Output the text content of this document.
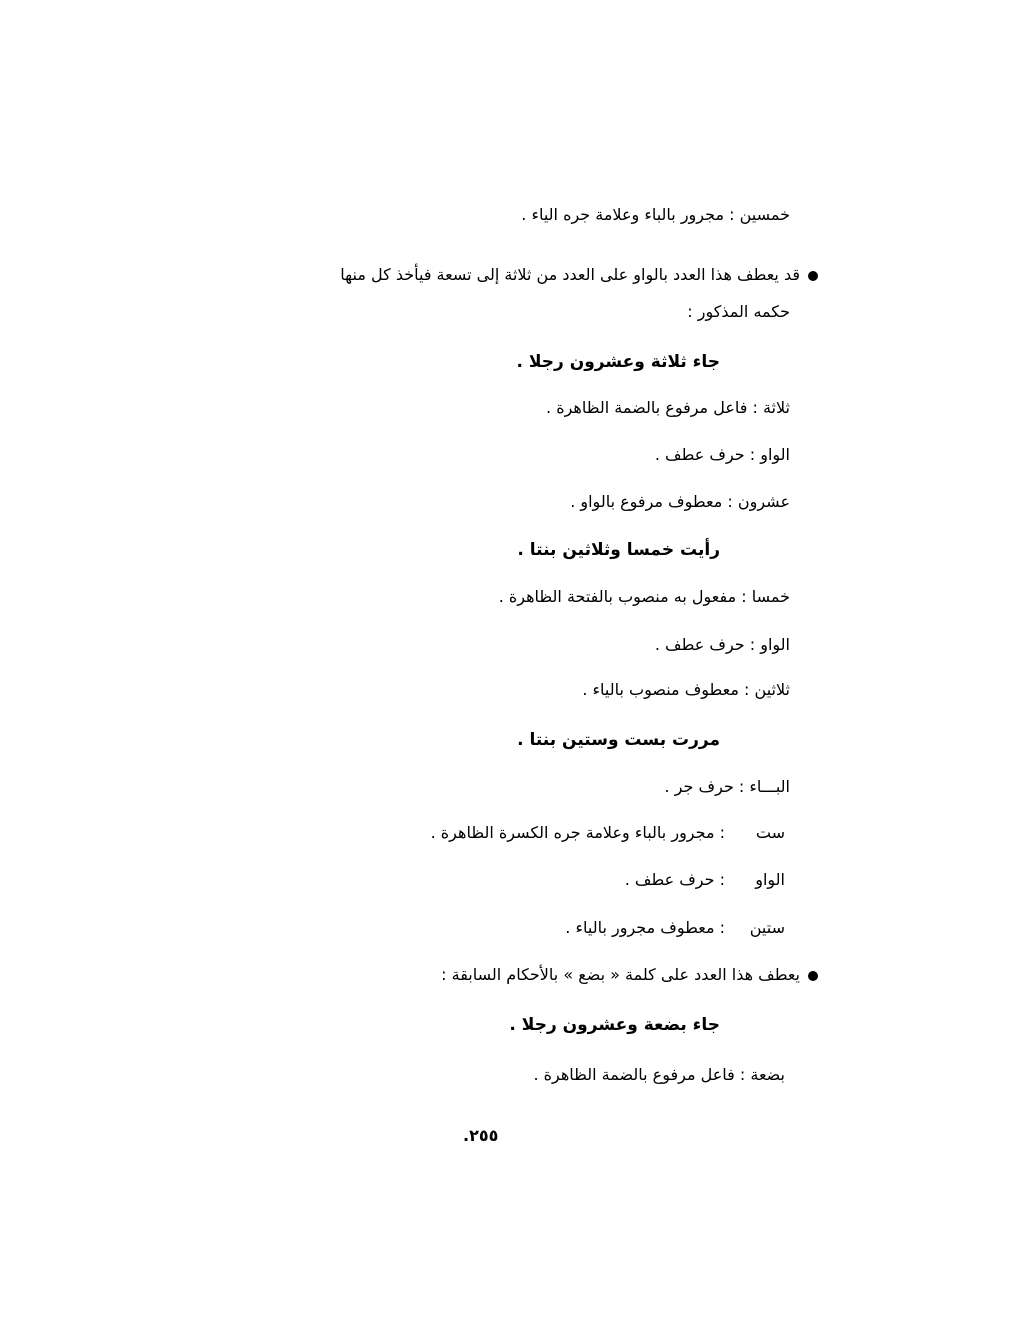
خمسين : مجرور بالباء وعلامة جره الياء .
قد يعطف هذا العدد بالواو على العدد من ثلاثة إلى تسعة فيأخذ كل منها
حكمه المذكور :
جاء ثلاثة وعشرون رجلا .
ثلاثة : فاعل مرفوع بالضمة الظاهرة .
الواو : حرف عطف .
عشرون : معطوف مرفوع بالواو .
رأيت خمسا وثلاثين بنتا .
خمسا : مفعول به منصوب بالفتحة الظاهرة .
الواو : حرف عطف .
ثلاثين : معطوف منصوب بالياء .
مررت بست وستين بنتا .
البـــاء : حرف جر .
ست: مجرور بالباء وعلامة جره الكسرة الظاهرة .
الواو: حرف عطف .
ستين: معطوف مجرور بالياء .
يعطف هذا العدد على كلمة « بضع » بالأحكام السابقة :
جاء بضعة وعشرون رجلا .
بضعة : فاعل مرفوع بالضمة الظاهرة .
.٢٥٥
